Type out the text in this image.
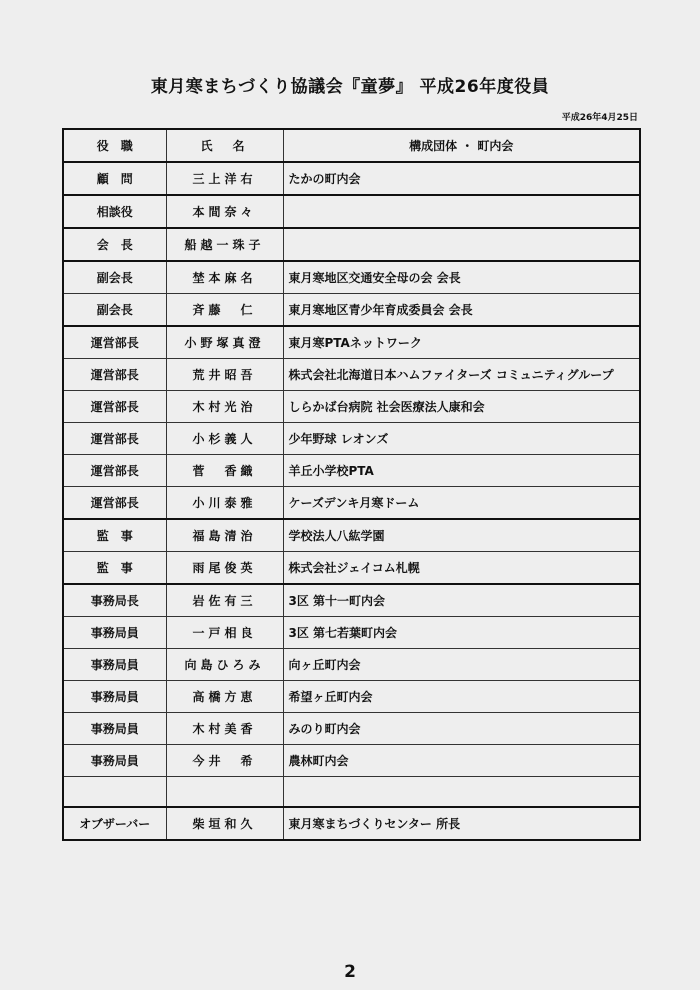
東月寒まちづくり協議会『童夢』 平成26年度役員
平成26年4月25日
役　職	氏　名	構成団体 ・ 町内会
顧　問	三上洋右	たかの町内会
相談役	本間奈々	
会　長	船越一珠子	
副会長	埜本麻名	東月寒地区交通安全母の会 会長
副会長	斉藤　仁	東月寒地区青少年育成委員会 会長
運営部長	小野塚真澄	東月寒PTAネットワーク
運営部長	荒井昭吾	株式会社北海道日本ハムファイターズ コミュニティグループ
運営部長	木村光治	しらかば台病院 社会医療法人康和会
運営部長	小杉義人	少年野球 レオンズ
運営部長	菅　香織	羊丘小学校PTA
運営部長	小川泰雅	ケーズデンキ月寒ドーム
監　事	福島清治	学校法人八紘学園
監　事	雨尾俊英	株式会社ジェイコム札幌
事務局長	岩佐有三	3区 第十一町内会
事務局員	一戸相良	3区 第七若葉町内会
事務局員	向島ひろみ	向ヶ丘町内会
事務局員	高橋方恵	希望ヶ丘町内会
事務局員	木村美香	みのり町内会
事務局員	今井　希	農林町内会

オブザーバー	柴垣和久	東月寒まちづくりセンター 所長
2
